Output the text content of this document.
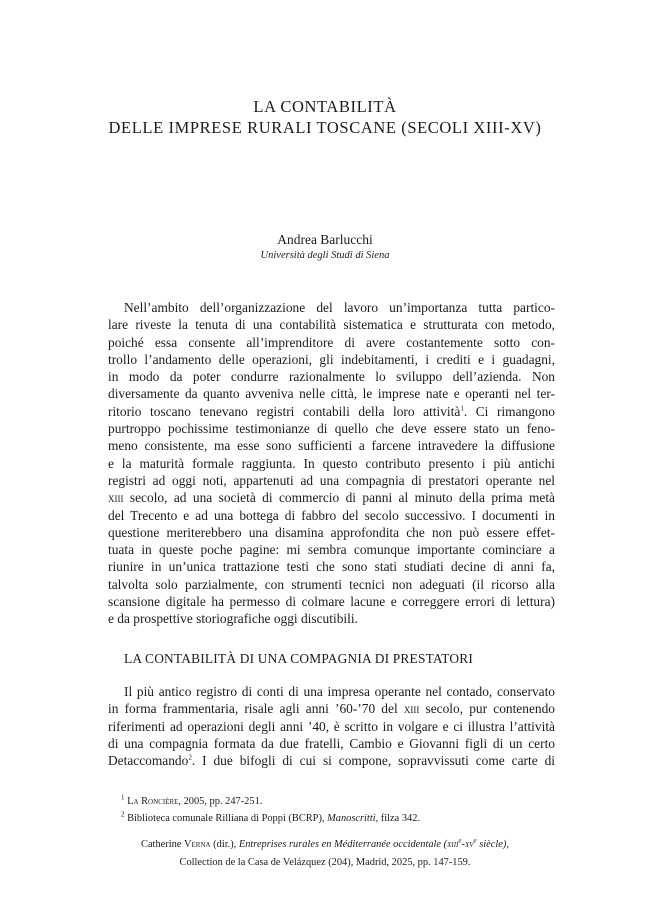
LA CONTABILITÀ
DELLE IMPRESE RURALI TOSCANE (SECOLI XIII-XV)
Andrea Barlucchi
Università degli Studi di Siena
Nell’ambito dell’organizzazione del lavoro un’importanza tutta partico-
lare riveste la tenuta di una contabilità sistematica e strutturata con metodo,
poiché essa consente all’imprenditore di avere costantemente sotto con-
trollo l’andamento delle operazioni, gli indebitamenti, i crediti e i guadagni,
in modo da poter condurre razionalmente lo sviluppo dell’azienda. Non
diversamente da quanto avveniva nelle città, le imprese nate e operanti nel ter-
ritorio toscano tenevano registri contabili della loro attività$^1$. Ci rimangono
purtroppo pochissime testimonianze di quello che deve essere stato un feno-
meno consistente, ma esse sono sufficienti a farcene intravedere la diffusione
e la maturità formale raggiunta. In questo contributo presento i più antichi
registri ad oggi noti, appartenuti ad una compagnia di prestatori operante nel
xiii secolo, ad una società di commercio di panni al minuto della prima metà
del Trecento e ad una bottega di fabbro del secolo successivo. I documenti in
questione meriterebbero una disamina approfondita che non può essere effet-
tuata in queste poche pagine: mi sembra comunque importante cominciare a
riunire in un’unica trattazione testi che sono stati studiati decine di anni fa,
talvolta solo parzialmente, con strumenti tecnici non adeguati (il ricorso alla
scansione digitale ha permesso di colmare lacune e correggere errori di lettura)
e da prospettive storiografiche oggi discutibili.
LA CONTABILITÀ DI UNA COMPAGNIA DI PRESTATORI
Il più antico registro di conti di una impresa operante nel contado, conservato
in forma frammentaria, risale agli anni ’60-’70 del xiii secolo, pur contenendo
riferimenti ad operazioni degli anni ’40, è scritto in volgare e ci illustra l’attività
di una compagnia formata da due fratelli, Cambio e Giovanni figli di un certo
Detaccomando$^2$. I due bifogli di cui si compone, sopravvissuti come carte di
$^1$ La Roncière, 2005, pp. 247-251.
$^2$ Biblioteca comunale Rilliana di Poppi (BCRP), Manoscritti, filza 342.
Catherine Verna (dir.), Entreprises rurales en Méditerranée occidentale ($xiii^e-xv^e$ siècle),
Collection de la Casa de Velázquez (204), Madrid, 2025, pp. 147-159.
